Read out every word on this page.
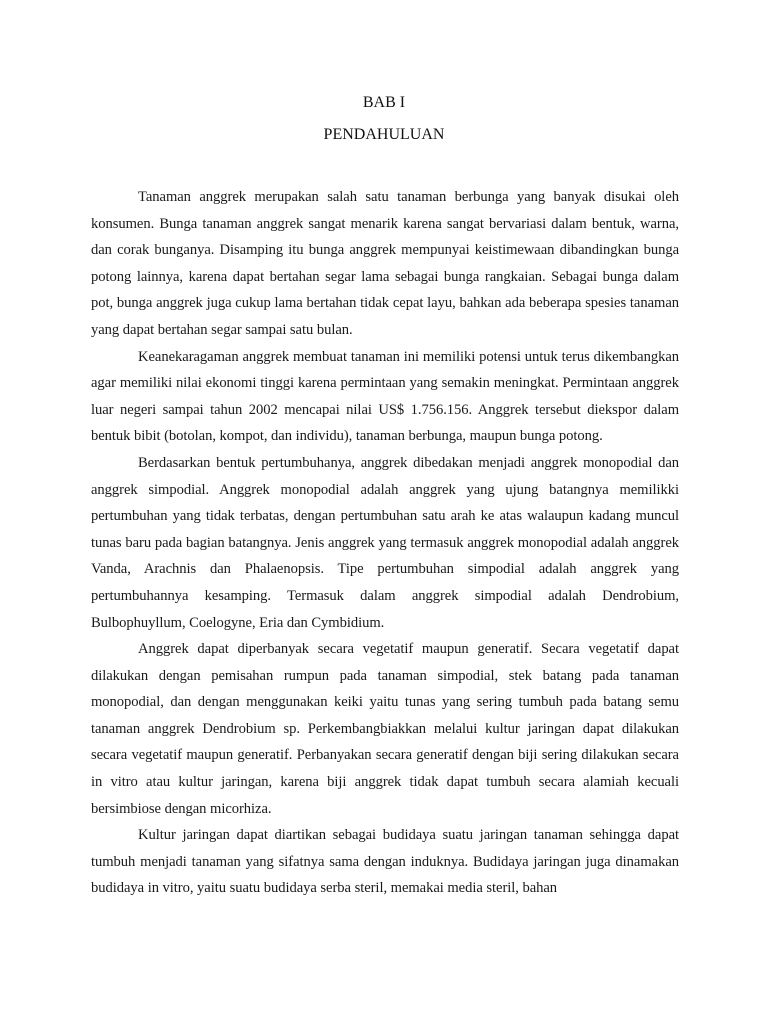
BAB I
PENDAHULUAN

Tanaman anggrek merupakan salah satu tanaman berbunga yang banyak disukai oleh konsumen. Bunga tanaman anggrek sangat menarik karena sangat bervariasi dalam bentuk, warna, dan corak bunganya. Disamping itu bunga anggrek mempunyai keistimewaan dibandingkan bunga potong lainnya, karena dapat bertahan segar lama sebagai bunga rangkaian. Sebagai bunga dalam pot, bunga anggrek juga cukup lama bertahan tidak cepat layu, bahkan ada beberapa spesies tanaman yang dapat bertahan segar sampai satu bulan.

Keanekaragaman anggrek membuat tanaman ini memiliki potensi untuk terus dikembangkan agar memiliki nilai ekonomi tinggi karena permintaan yang semakin meningkat. Permintaan anggrek luar negeri sampai tahun 2002 mencapai nilai US$ 1.756.156. Anggrek tersebut diekspor dalam bentuk bibit (botolan, kompot, dan individu), tanaman berbunga, maupun bunga potong.

Berdasarkan bentuk pertumbuhanya, anggrek dibedakan menjadi anggrek monopodial dan anggrek simpodial. Anggrek monopodial adalah anggrek yang ujung batangnya memilikki pertumbuhan yang tidak terbatas, dengan pertumbuhan satu arah ke atas walaupun kadang muncul tunas baru pada bagian batangnya. Jenis anggrek yang termasuk anggrek monopodial adalah anggrek Vanda, Arachnis dan Phalaenopsis. Tipe pertumbuhan simpodial adalah anggrek yang pertumbuhannya kesamping. Termasuk dalam anggrek simpodial adalah Dendrobium, Bulbophuyllum, Coelogyne, Eria dan Cymbidium.

Anggrek dapat diperbanyak secara vegetatif maupun generatif. Secara vegetatif dapat dilakukan dengan pemisahan rumpun pada tanaman simpodial, stek batang pada tanaman monopodial, dan dengan menggunakan keiki yaitu tunas yang sering tumbuh pada batang semu tanaman anggrek Dendrobium sp. Perkembangbiakkan melalui kultur jaringan dapat dilakukan secara vegetatif maupun generatif. Perbanyakan secara generatif dengan biji sering dilakukan secara in vitro atau kultur jaringan, karena biji anggrek tidak dapat tumbuh secara alamiah kecuali bersimbiose dengan micorhiza.

Kultur jaringan dapat diartikan sebagai budidaya suatu jaringan tanaman sehingga dapat tumbuh menjadi tanaman yang sifatnya sama dengan induknya. Budidaya jaringan juga dinamakan budidaya in vitro, yaitu suatu budidaya serba steril, memakai media steril, bahan
